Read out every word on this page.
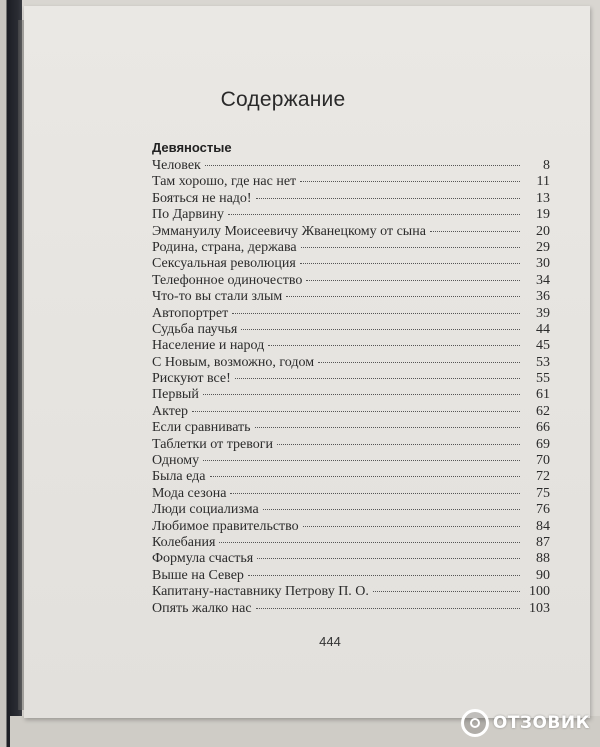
Содержание
Девяностые
Человек	8
Там хорошо, где нас нет	11
Бояться не надо!	13
По Дарвину	19
Эммануилу Моисеевичу Жванецкому от сына	20
Родина, страна, держава	29
Сексуальная революция	30
Телефонное одиночество	34
Что-то вы стали злым	36
Автопортрет	39
Судьба паучья	44
Население и народ	45
С Новым, возможно, годом	53
Рискуют все!	55
Первый	61
Актер	62
Если сравнивать	66
Таблетки от тревоги	69
Одному	70
Была еда	72
Мода сезона	75
Люди социализма	76
Любимое правительство	84
Колебания	87
Формула счастья	88
Выше на Север	90
Капитану-наставнику Петрову П. О.	100
Опять жалко нас	103
444
ОТЗОВИК
